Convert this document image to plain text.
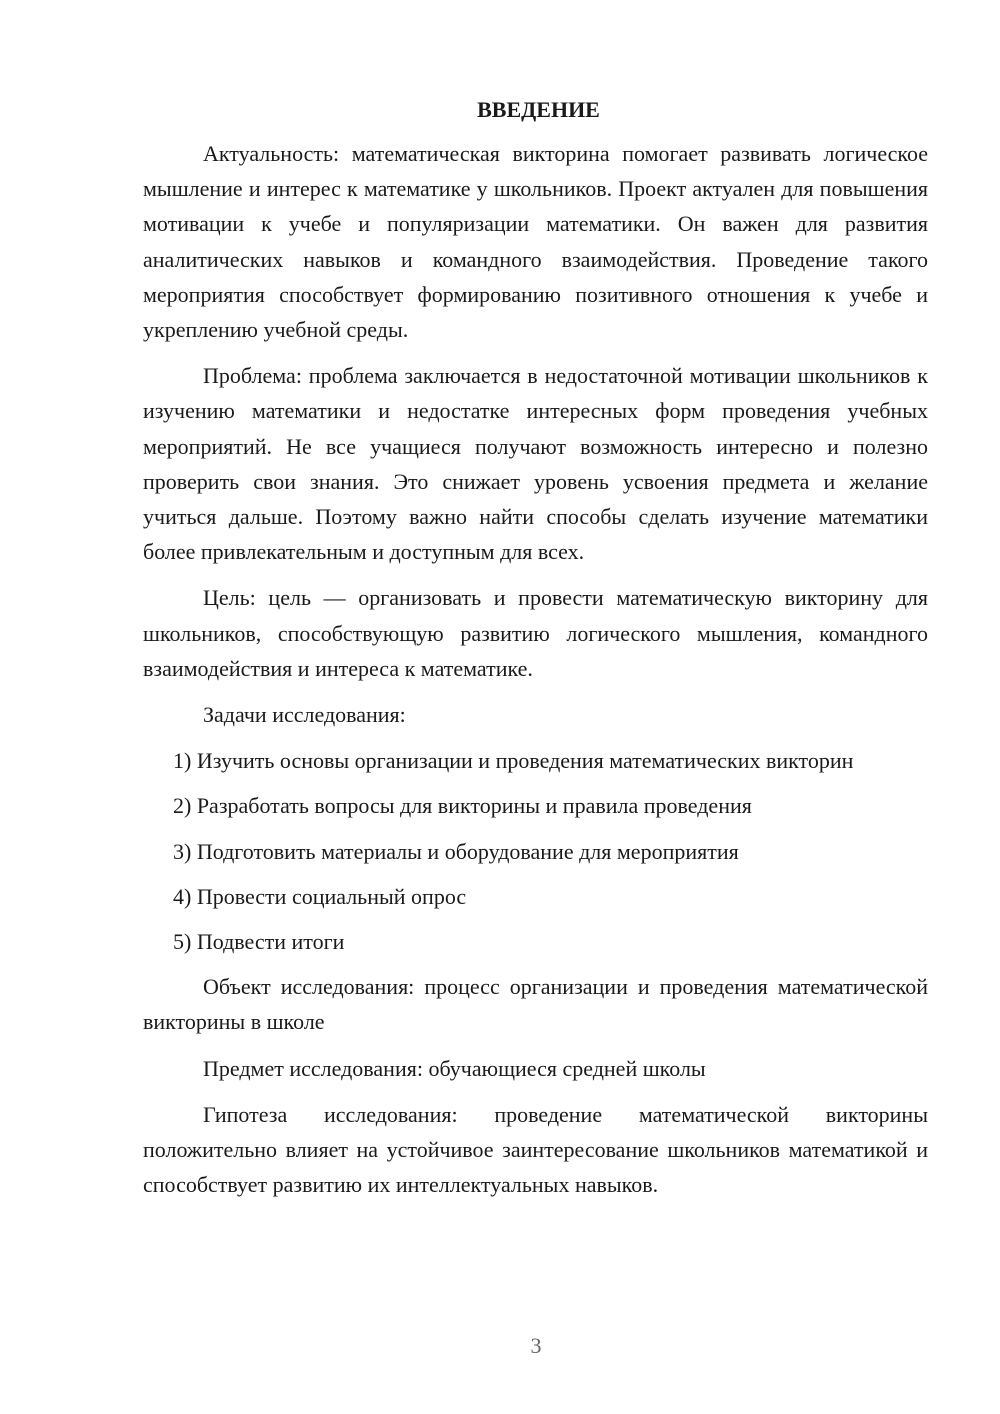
ВВЕДЕНИЕ

Актуальность: математическая викторина помогает развивать логическое мышление и интерес к математике у школьников. Проект актуален для повышения мотивации к учебе и популяризации математики. Он важен для развития аналитических навыков и командного взаимодействия. Проведение такого мероприятия способствует формированию позитивного отношения к учебе и укреплению учебной среды.

Проблема: проблема заключается в недостаточной мотивации школьников к изучению математики и недостатке интересных форм проведения учебных мероприятий. Не все учащиеся получают возможность интересно и полезно проверить свои знания. Это снижает уровень усвоения предмета и желание учиться дальше. Поэтому важно найти способы сделать изучение математики более привлекательным и доступным для всех.

Цель: цель — организовать и провести математическую викторину для школьников, способствующую развитию логического мышления, командного взаимодействия и интереса к математике.

Задачи исследования:

1) Изучить основы организации и проведения математических викторин

2) Разработать вопросы для викторины и правила проведения

3) Подготовить материалы и оборудование для мероприятия

4) Провести социальный опрос

5) Подвести итоги

Объект исследования: процесс организации и проведения математической викторины в школе

Предмет исследования: обучающиеся средней школы

Гипотеза исследования: проведение математической викторины положительно влияет на устойчивое заинтересование школьников математикой и способствует развитию их интеллектуальных навыков.

3
